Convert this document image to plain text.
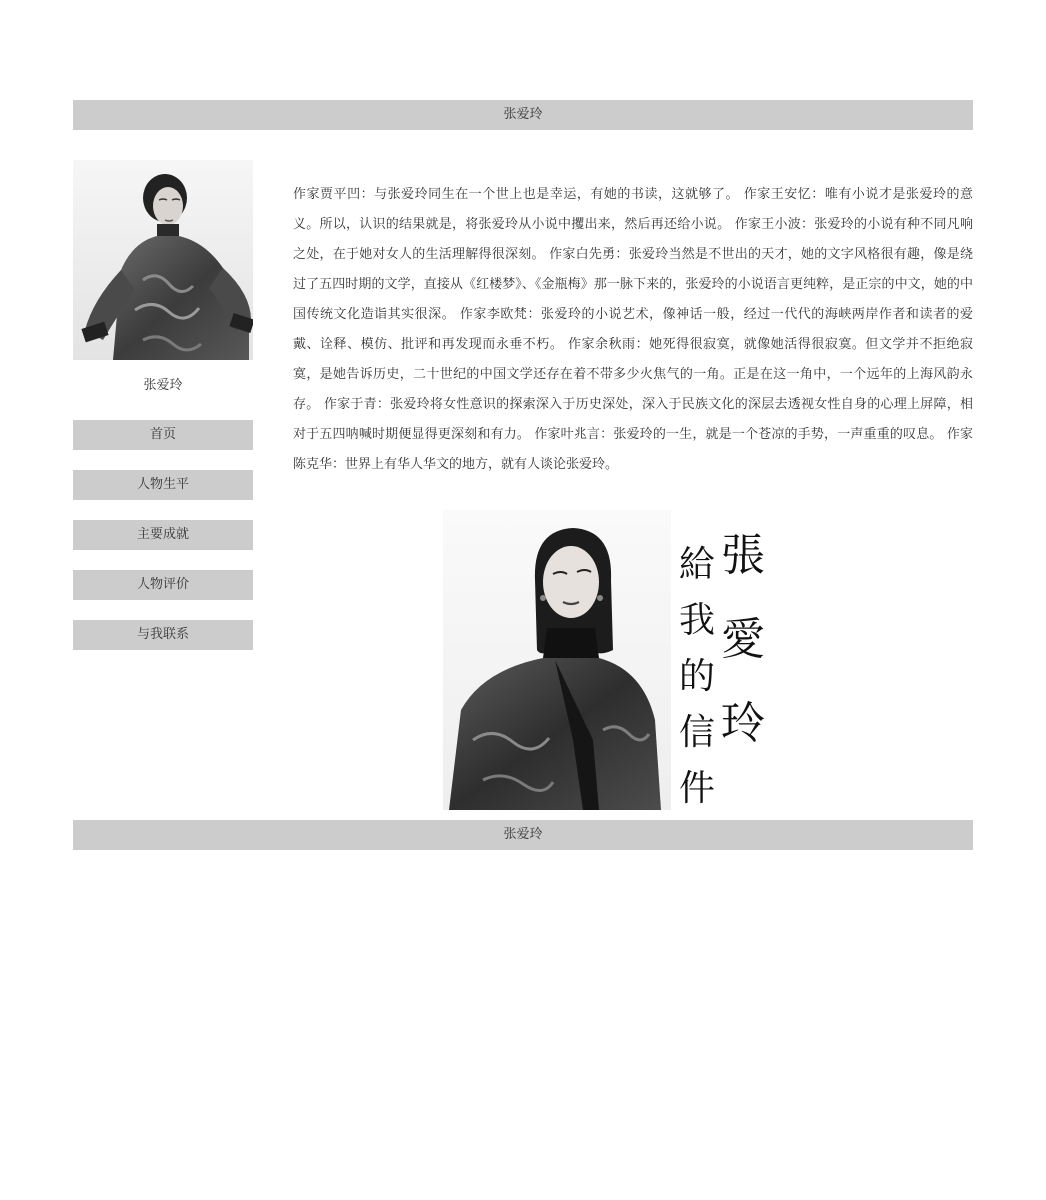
张爱玲
张爱玲
首页
人物生平
主要成就
人物评价
与我联系

作家贾平凹：与张爱玲同生在一个世上也是幸运，有她的书读，这就够了。 作家王安忆：唯有小说才是张爱玲的意义。所以，认识的结果就是，将张爱玲从小说中攫出来，然后再还给小说。 作家王小波：张爱玲的小说有种不同凡响之处，在于她对女人的生活理解得很深刻。 作家白先勇：张爱玲当然是不世出的天才，她的文字风格很有趣，像是绕过了五四时期的文学，直接从《红楼梦》、《金瓶梅》那一脉下来的，张爱玲的小说语言更纯粹，是正宗的中文，她的中国传统文化造诣其实很深。 作家李欧梵：张爱玲的小说艺术，像神话一般，经过一代代的海峡两岸作者和读者的爱戴、诠释、模仿、批评和再发现而永垂不朽。 作家余秋雨：她死得很寂寞，就像她活得很寂寞。但文学并不拒绝寂寞，是她告诉历史，二十世纪的中国文学还存在着不带多少火焦气的一角。正是在这一角中，一个远年的上海风韵永存。 作家于青：张爱玲将女性意识的探索深入于历史深处，深入于民族文化的深层去透视女性自身的心理上屏障，相对于五四呐喊时期便显得更深刻和有力。 作家叶兆言：张爱玲的一生，就是一个苍凉的手势，一声重重的叹息。 作家陈克华：世界上有华人华文的地方，就有人谈论张爱玲。

張
愛
玲
給
我
的
信
件
张爱玲
